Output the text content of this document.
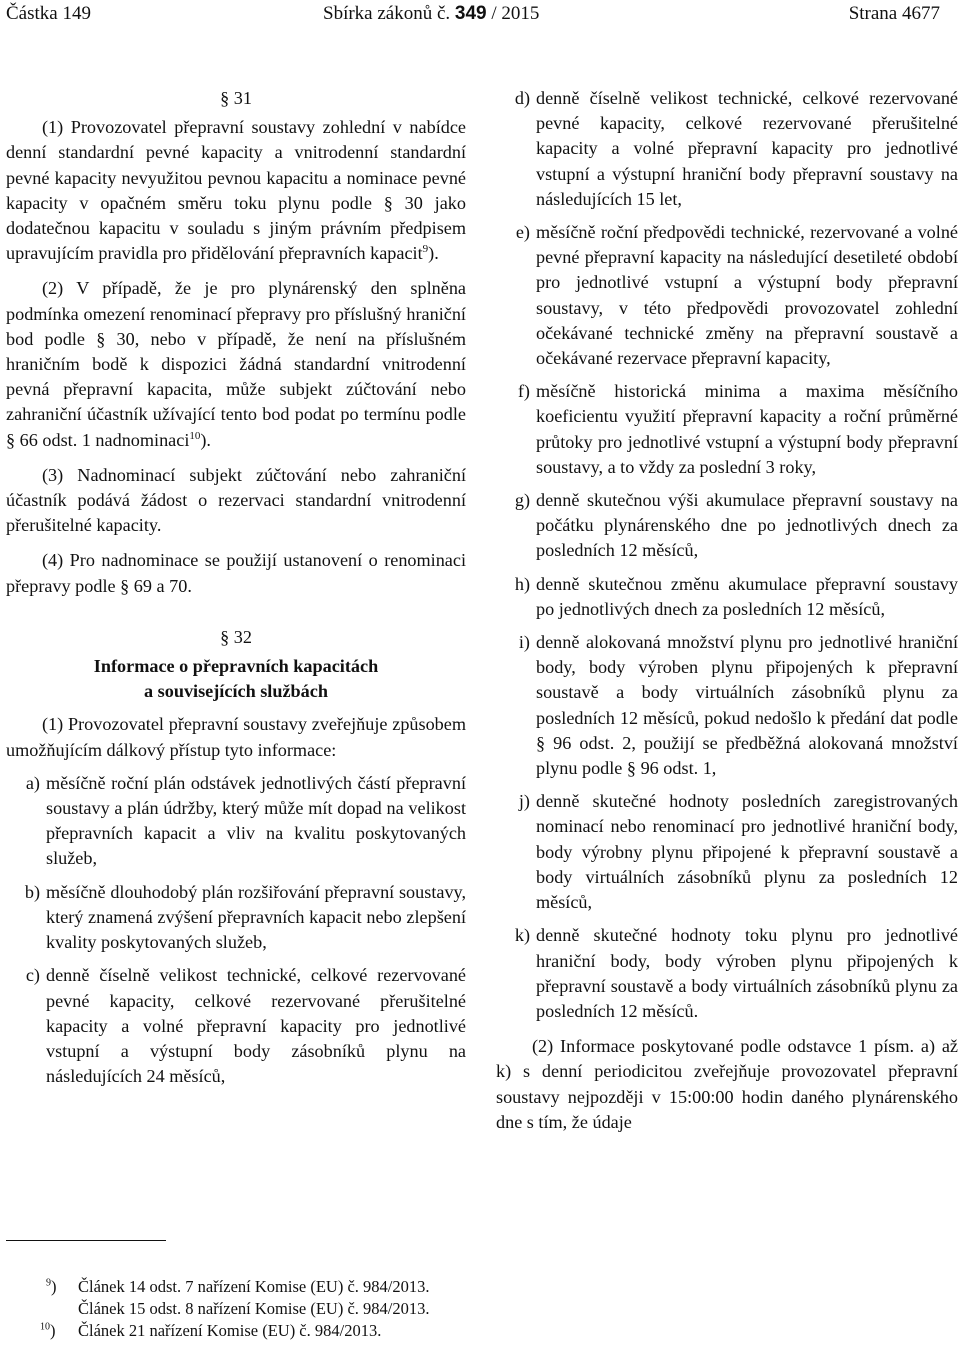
Částka 149	Sbírka zákonů č. 349 / 2015	Strana 4677
§ 31

(1) Provozovatel přepravní soustavy zohlední v nabídce denní standardní pevné kapacity a vnitrodenní standardní pevné kapacity nevyužitou pevnou kapacitu a nominace pevné kapacity v opačném směru toku plynu podle § 30 jako dodatečnou kapacitu v souladu s jiným právním předpisem upravujícím pravidla pro přidělování přepravních kapacit$^9$).

(2) V případě, že je pro plynárenský den splněna podmínka omezení renominací přepravy pro příslušný hraniční bod podle § 30, nebo v případě, že není na příslušném hraničním bodě k dispozici žádná standardní vnitrodenní pevná přepravní kapacita, může subjekt zúčtování nebo zahraniční účastník užívající tento bod podat po termínu podle § 66 odst. 1 nadnominaci$^{10}$).

(3) Nadnominací subjekt zúčtování nebo zahraniční účastník podává žádost o rezervaci standardní vnitrodenní přerušitelné kapacity.

(4) Pro nadnominace se použijí ustanovení o renominaci přepravy podle § 69 a 70.

§ 32
Informace o přepravních kapacitách
a souvisejících službách

(1) Provozovatel přepravní soustavy zveřejňuje způsobem umožňujícím dálkový přístup tyto informace:

a) měsíčně roční plán odstávek jednotlivých částí přepravní soustavy a plán údržby, který může mít dopad na velikost přepravních kapacit a vliv na kvalitu poskytovaných služeb,
b) měsíčně dlouhodobý plán rozšiřování přepravní soustavy, který znamená zvýšení přepravních kapacit nebo zlepšení kvality poskytovaných služeb,
c) denně číselně velikost technické, celkové rezervované pevné kapacity, celkové rezervované přerušitelné kapacity a volné přepravní kapacity pro jednotlivé vstupní a výstupní body zásobníků plynu na následujících 24 měsíců,
d) denně číselně velikost technické, celkové rezervované pevné kapacity, celkové rezervované přerušitelné kapacity a volné přepravní kapacity pro jednotlivé vstupní a výstupní hraniční body přepravní soustavy na následujících 15 let,
e) měsíčně roční předpovědi technické, rezervované a volné pevné přepravní kapacity na následující desetileté období pro jednotlivé vstupní a výstupní body přepravní soustavy, v této předpovědi provozovatel zohlední očekávané technické změny na přepravní soustavě a očekávané rezervace přepravní kapacity,
f) měsíčně historická minima a maxima měsíčního koeficientu využití přepravní kapacity a roční průměrné průtoky pro jednotlivé vstupní a výstupní body přepravní soustavy, a to vždy za poslední 3 roky,
g) denně skutečnou výši akumulace přepravní soustavy na počátku plynárenského dne po jednotlivých dnech za posledních 12 měsíců,
h) denně skutečnou změnu akumulace přepravní soustavy po jednotlivých dnech za posledních 12 měsíců,
i) denně alokovaná množství plynu pro jednotlivé hraniční body, body výroben plynu připojených k přepravní soustavě a body virtuálních zásobníků plynu za posledních 12 měsíců, pokud nedošlo k předání dat podle § 96 odst. 2, použijí se předběžná alokovaná množství plynu podle § 96 odst. 1,
j) denně skutečné hodnoty posledních zaregistrovaných nominací nebo renominací pro jednotlivé hraniční body, body výrobny plynu připojené k přepravní soustavě a body virtuálních zásobníků plynu za posledních 12 měsíců,
k) denně skutečné hodnoty toku plynu pro jednotlivé hraniční body, body výroben plynu připojených k přepravní soustavě a body virtuálních zásobníků plynu za posledních 12 měsíců.

(2) Informace poskytované podle odstavce 1 písm. a) až k) s denní periodicitou zveřejňuje provozovatel přepravní soustavy nejpozději v 15:00:00 hodin daného plynárenského dne s tím, že údaje

$^9$) Článek 14 odst. 7 nařízení Komise (EU) č. 984/2013.
Článek 15 odst. 8 nařízení Komise (EU) č. 984/2013.
$^{10}$) Článek 21 nařízení Komise (EU) č. 984/2013.
